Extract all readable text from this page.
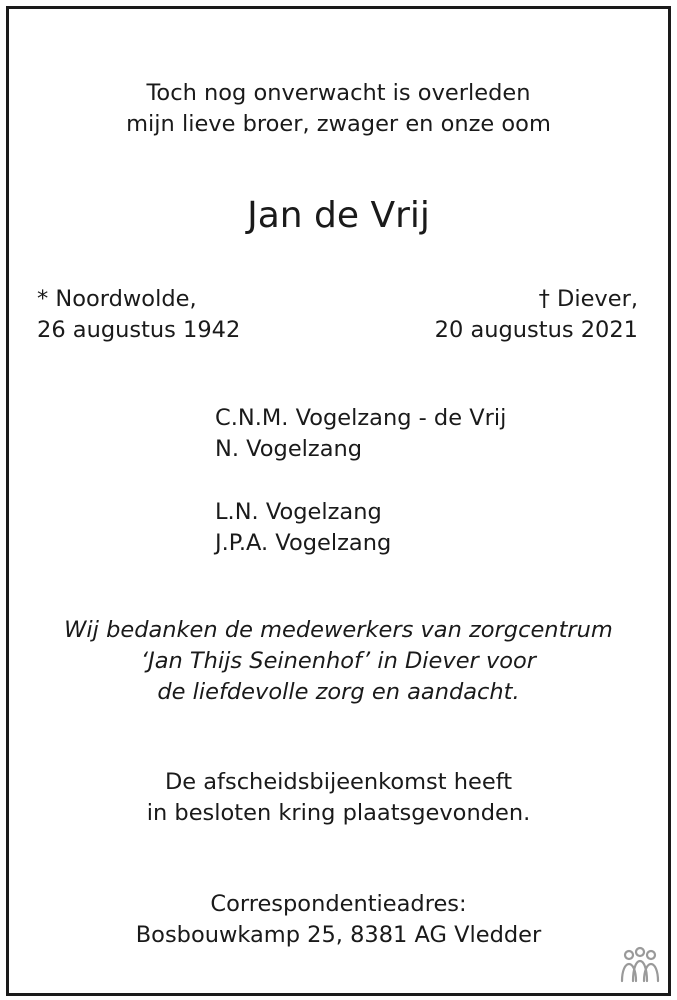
Toch nog onverwacht is overleden
mijn lieve broer, zwager en onze oom
Jan de Vrij
* Noordwolde,
26 augustus 1942
† Diever,
20 augustus 2021
C.N.M. Vogelzang - de Vrij
N. Vogelzang
L.N. Vogelzang
J.P.A. Vogelzang
Wij bedanken de medewerkers van zorgcentrum
‘Jan Thijs Seinenhof’ in Diever voor
de liefdevolle zorg en aandacht.
De afscheidsbijeenkomst heeft
in besloten kring plaatsgevonden.
Correspondentieadres:
Bosbouwkamp 25, 8381 AG Vledder
